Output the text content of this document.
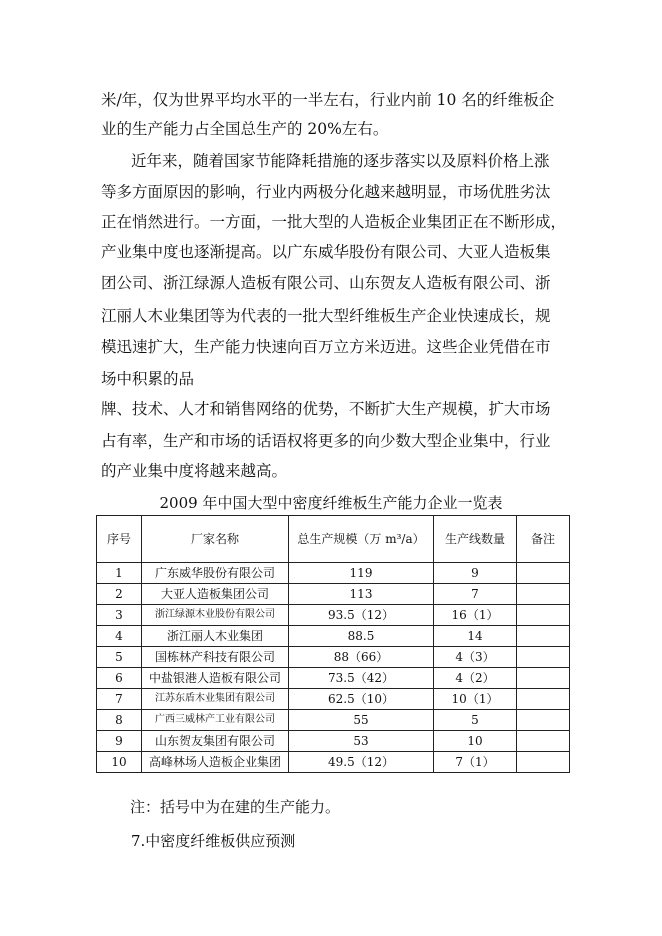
米/年，仅为世界平均水平的一半左右，行业内前 10 名的纤维板企
业的生产能力占全国总生产的 20%左右。
近年来，随着国家节能降耗措施的逐步落实以及原料价格上涨
等多方面原因的影响，行业内两极分化越来越明显，市场优胜劣汰
正在悄然进行。一方面，一批大型的人造板企业集团正在不断形成，
产业集中度也逐渐提高。以广东威华股份有限公司、大亚人造板集
团公司、浙江绿源人造板有限公司、山东贺友人造板有限公司、浙
江丽人木业集团等为代表的一批大型纤维板生产企业快速成长，规
模迅速扩大，生产能力快速向百万立方米迈进。这些企业凭借在市
场中积累的品
牌、技术、人才和销售网络的优势，不断扩大生产规模，扩大市场
占有率，生产和市场的话语权将更多的向少数大型企业集中，行业
的产业集中度将越来越高。
2009 年中国大型中密度纤维板生产能力企业一览表
序号	厂家名称	总生产规模（万 m³/a）	生产线数量	备注
1	广东威华股份有限公司	119	9	
2	大亚人造板集团公司	113	7	
3	浙江绿源木业股份有限公司	93.5（12）	16（1）	
4	浙江丽人木业集团	88.5	14	
5	国栋林产科技有限公司	88（66）	4（3）	
6	中盐银港人造板有限公司	73.5（42）	4（2）	
7	江苏东盾木业集团有限公司	62.5（10）	10（1）	
8	广西三威林产工业有限公司	55	5	
9	山东贺友集团有限公司	53	10	
10	高峰林场人造板企业集团	49.5（12）	7（1）	
注：括号中为在建的生产能力。
7.中密度纤维板供应预测
